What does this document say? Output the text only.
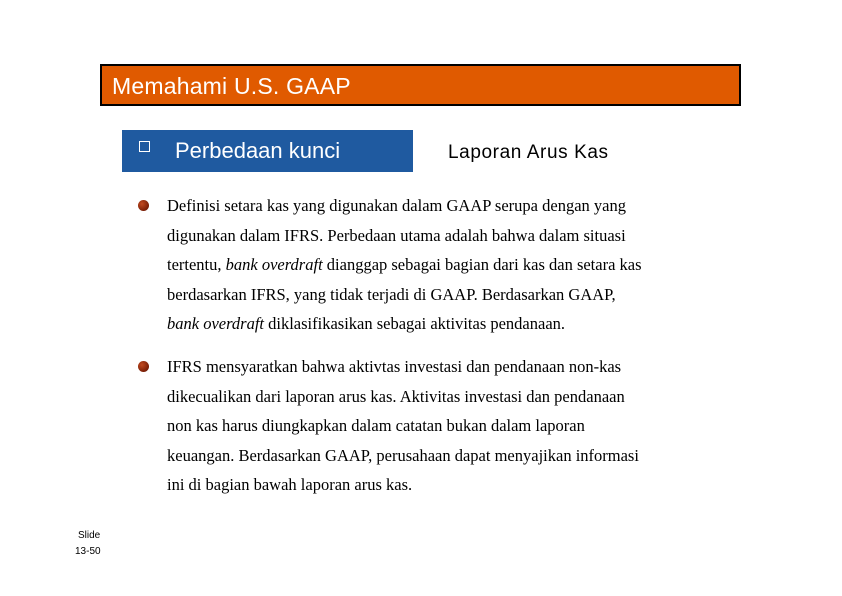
Memahami U.S. GAAP
Perbedaan kunci	Laporan Arus Kas
Definisi setara kas yang digunakan dalam GAAP serupa dengan yang
digunakan dalam IFRS. Perbedaan utama adalah bahwa dalam situasi
tertentu, bank overdraft dianggap sebagai bagian dari kas dan setara kas
berdasarkan IFRS, yang tidak terjadi di GAAP. Berdasarkan GAAP,
bank overdraft diklasifikasikan sebagai aktivitas pendanaan.
IFRS mensyaratkan bahwa aktivtas investasi dan pendanaan non-kas
dikecualikan dari laporan arus kas. Aktivitas investasi dan pendanaan
non kas harus diungkapkan dalam catatan bukan dalam laporan
keuangan. Berdasarkan GAAP, perusahaan dapat menyajikan informasi
ini di bagian bawah laporan arus kas.
Slide
13-50
